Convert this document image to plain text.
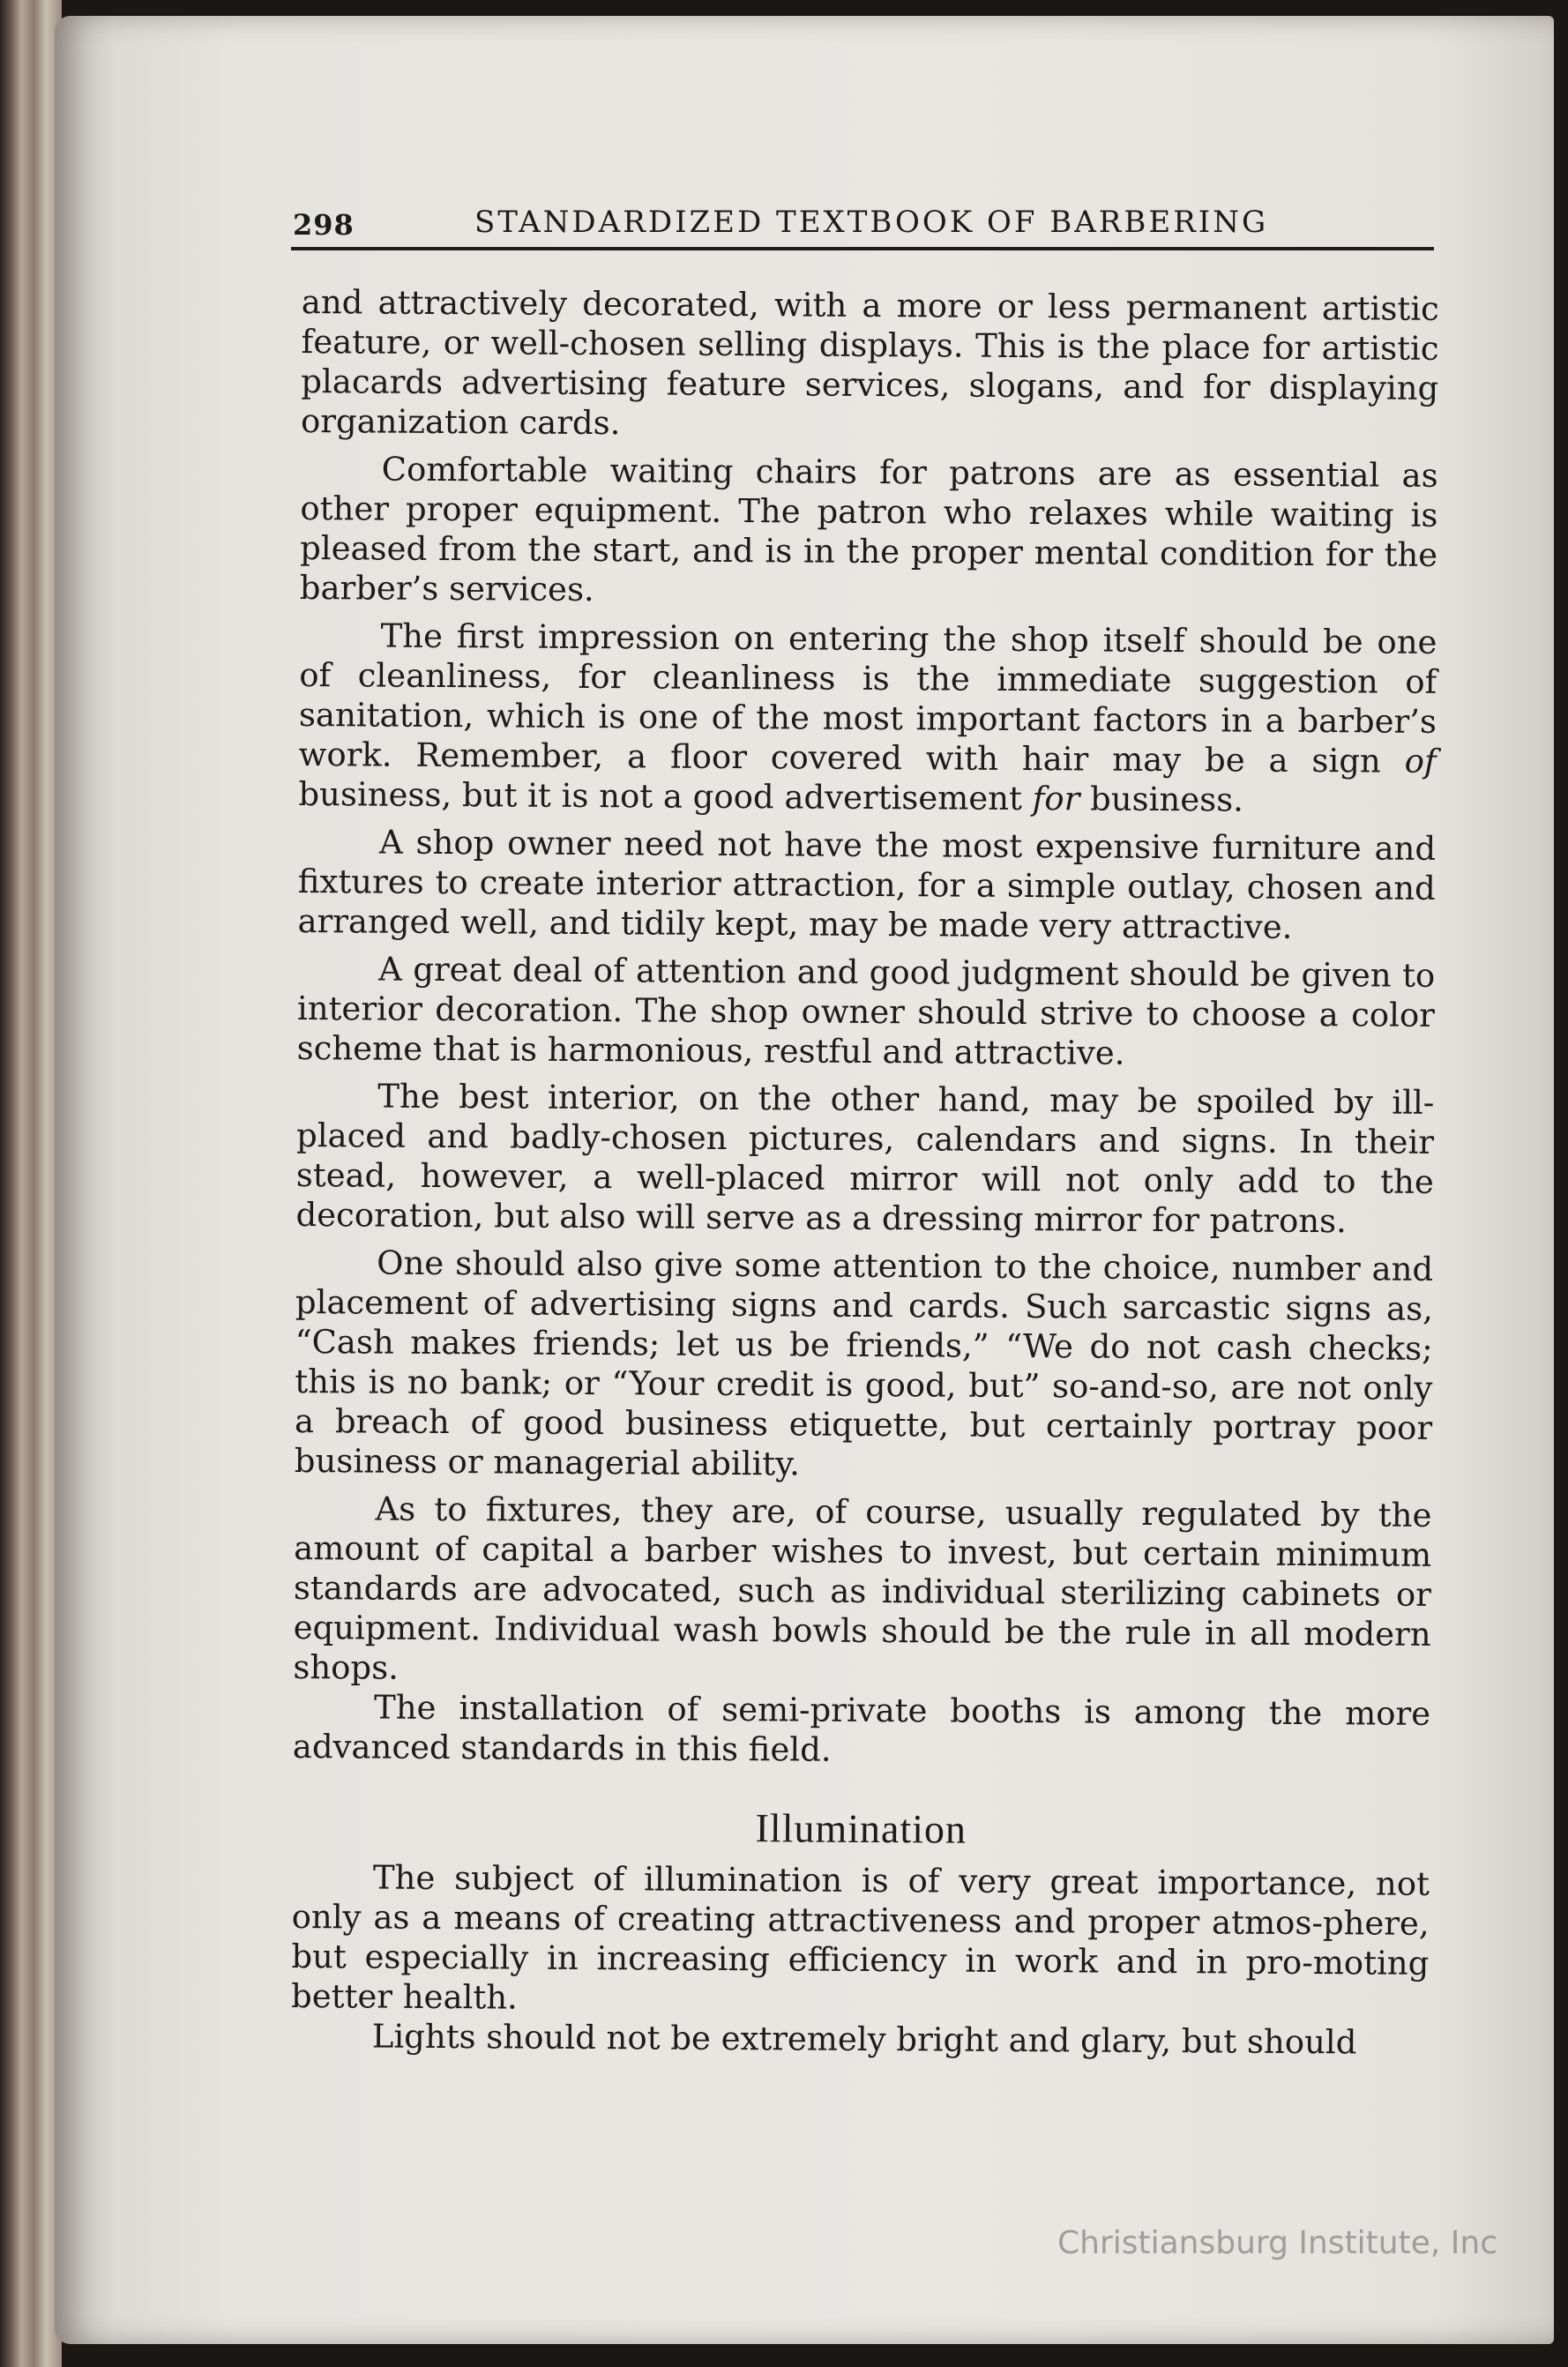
298	STANDARDIZED TEXTBOOK OF BARBERING

and attractively decorated, with a more or less permanent artistic feature, or well-chosen selling displays. This is the place for artistic placards advertising feature services, slogans, and for displaying organization cards.

Comfortable waiting chairs for patrons are as essential as other proper equipment. The patron who relaxes while waiting is pleased from the start, and is in the proper mental condition for the barber’s services.

The first impression on entering the shop itself should be one of cleanliness, for cleanliness is the immediate suggestion of sanitation, which is one of the most important factors in a barber’s work. Remember, a floor covered with hair may be a sign of business, but it is not a good advertisement for business.

A shop owner need not have the most expensive furniture and fixtures to create interior attraction, for a simple outlay, chosen and arranged well, and tidily kept, may be made very attractive.

A great deal of attention and good judgment should be given to interior decoration. The shop owner should strive to choose a color scheme that is harmonious, restful and attractive.

The best interior, on the other hand, may be spoiled by ill-placed and badly-chosen pictures, calendars and signs. In their stead, however, a well-placed mirror will not only add to the decoration, but also will serve as a dressing mirror for patrons.

One should also give some attention to the choice, number and placement of advertising signs and cards. Such sarcastic signs as, “Cash makes friends; let us be friends,” “We do not cash checks; this is no bank; or “Your credit is good, but” so-and-so, are not only a breach of good business etiquette, but certainly portray poor business or managerial ability.

As to fixtures, they are, of course, usually regulated by the amount of capital a barber wishes to invest, but certain minimum standards are advocated, such as individual sterilizing cabinets or equipment. Individual wash bowls should be the rule in all modern shops.

The installation of semi-private booths is among the more advanced standards in this field.

Illumination

The subject of illumination is of very great importance, not only as a means of creating attractiveness and proper atmos-phere, but especially in increasing efficiency in work and in pro-moting better health.

Lights should not be extremely bright and glary, but should

Christiansburg Institute, Inc
